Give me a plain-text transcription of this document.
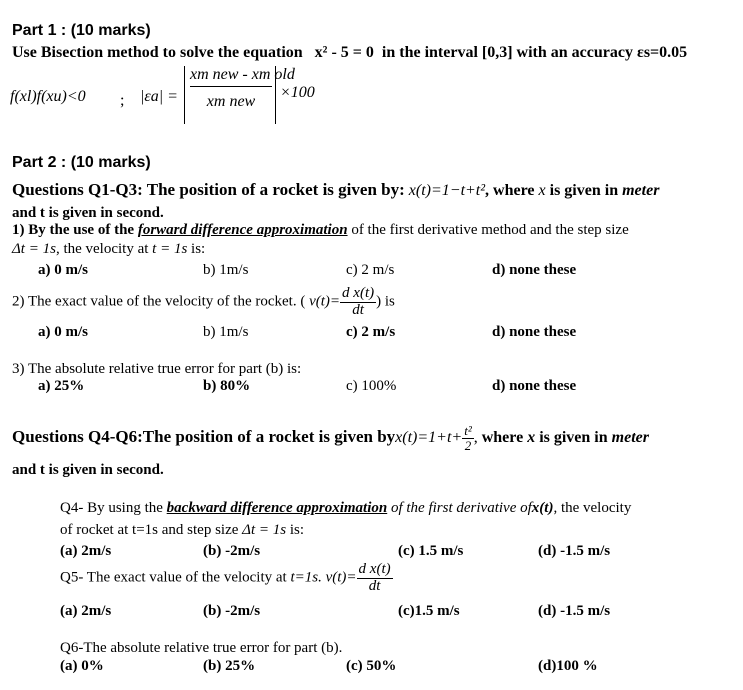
Part 1 : (10 marks)
Use Bisection method to solve the equation x² - 5 = 0 in the interval [0,3] with an accuracy εs=0.05
f(xl)f(xu)<0 ; |εa| =
xm new - xm old
xm new
×100
Part 2 : (10 marks)
Questions Q1-Q3: The position of a rocket is given by: x(t)=1−t+t², where x is given in meter
and t is given in second.
1) By the use of the forward difference approximation of the first derivative method and the step size
Δt = 1s, the velocity at t = 1s is:
a) 0 m/s	b) 1m/s	c) 2 m/s	d) none these
2) The exact value of the velocity of the rocket. ( $v(t)= \frac{\text{d x(t)}}{dt}$ ) is
a) 0 m/s	b) 1m/s	c) 2 m/s	d) none these
3) The absolute relative true error for part (b) is:
a) 25%	b) 80%	c) 100%	d) none these
Questions Q4-Q6:The position of a rocket is given $byx(t)=1+t+ \frac{\text{t²}}{2}$ , where x is given in meter
and t is given in second.
Q4- By using the backward difference approximation of the first derivative ofx(t), the velocity
of rocket at t=1s and step size Δt = 1s is:
(a) 2m/s	(b) -2m/s	(c) 1.5 m/s	(d) -1.5 m/s
Q5- The exact value of the velocity at t=1s. $v(t)= \frac{\text{d x(t)}}{dt}$
(a) 2m/s	(b) -2m/s	(c)1.5 m/s	(d) -1.5 m/s
Q6-The absolute relative true error for part (b).
(a) 0%	(b) 25%	(c) 50%	(d)100 %
